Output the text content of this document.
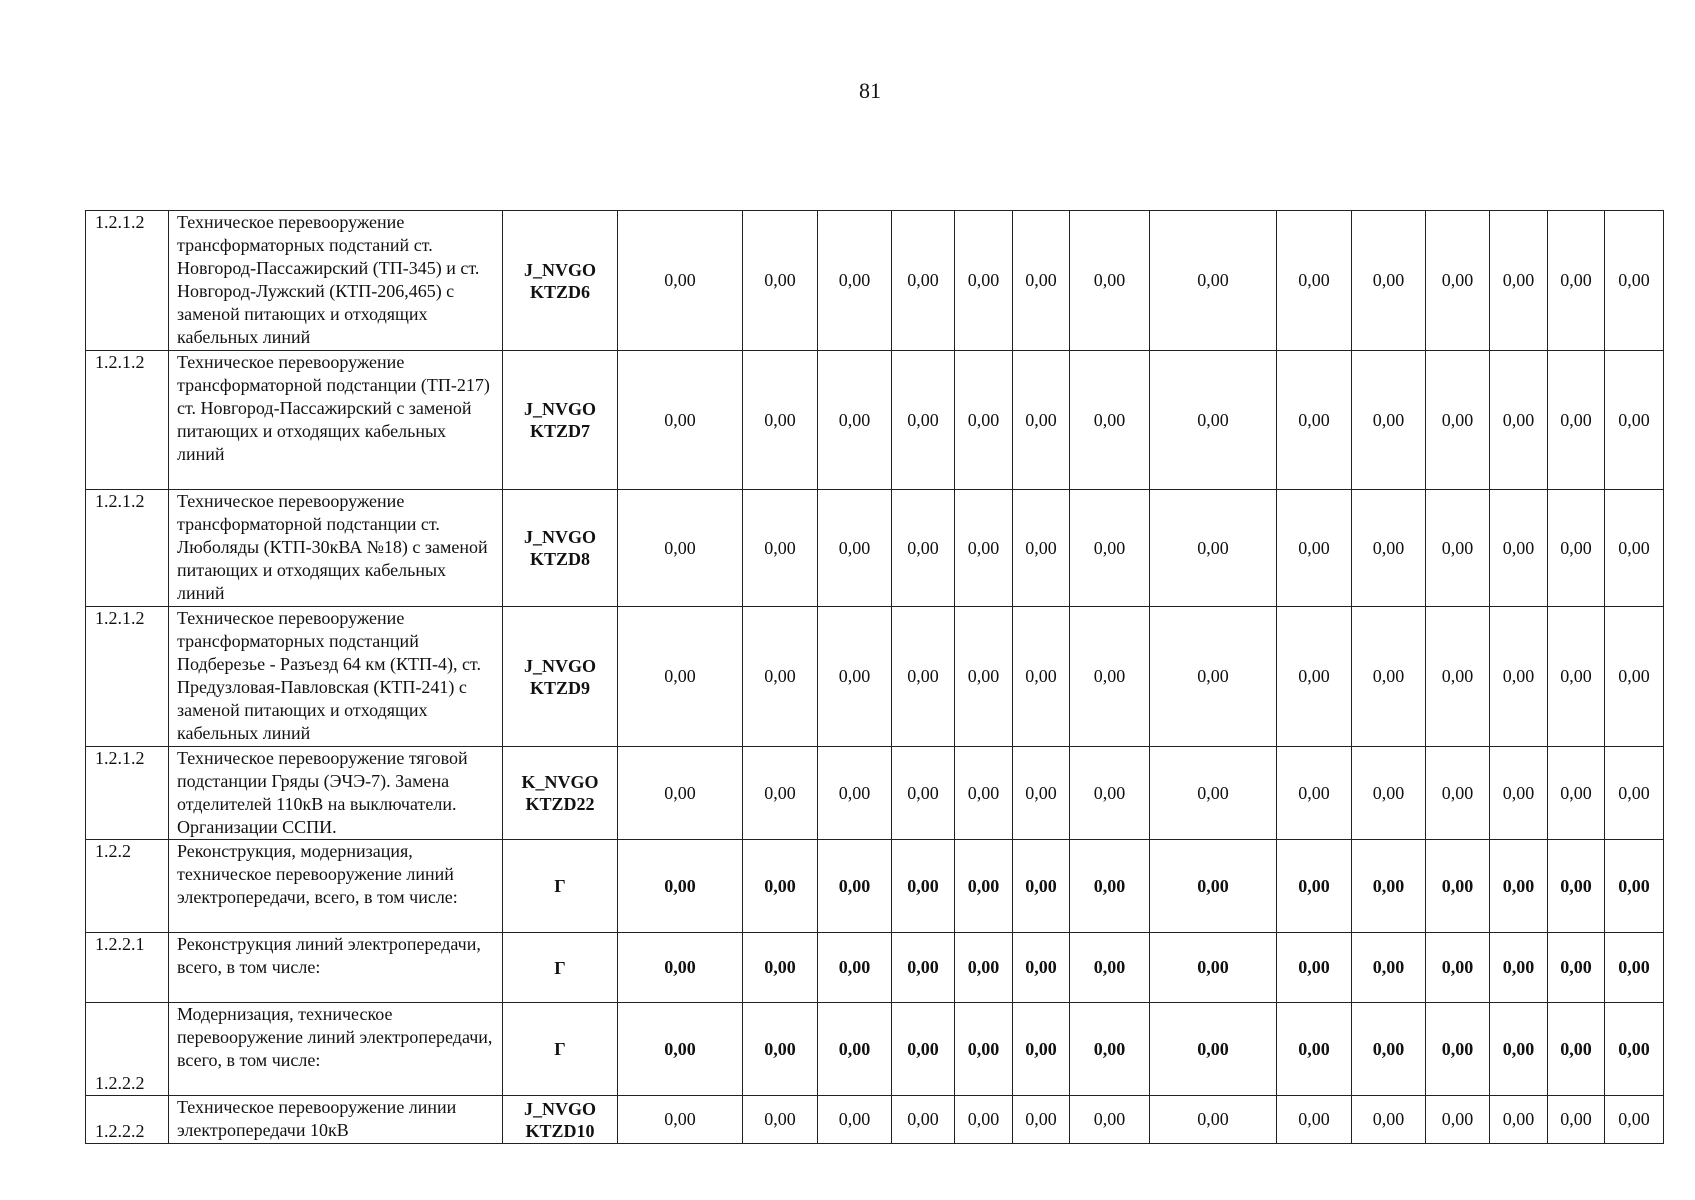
81
1.2.1.2	Техническое перевооружение трансформаторных подстаний ст. Новгород-Пассажирский (ТП-345) и ст. Новгород-Лужский (КТП-206,465) с заменой питающих и отходящих кабельных линий	J_NVGO KTZD6	0,00	0,00	0,00	0,00	0,00	0,00	0,00	0,00	0,00	0,00	0,00	0,00	0,00	0,00
1.2.1.2	Техническое перевооружение трансформаторной подстанции (ТП-217) ст. Новгород-Пассажирский с заменой питающих и отходящих кабельных линий	J_NVGO KTZD7	0,00	0,00	0,00	0,00	0,00	0,00	0,00	0,00	0,00	0,00	0,00	0,00	0,00	0,00
1.2.1.2	Техническое перевооружение трансформаторной подстанции ст. Люболяды (КТП-30кВА №18) с заменой питающих и отходящих кабельных линий	J_NVGO KTZD8	0,00	0,00	0,00	0,00	0,00	0,00	0,00	0,00	0,00	0,00	0,00	0,00	0,00	0,00
1.2.1.2	Техническое перевооружение трансформаторных подстанций Подберезье - Разъезд 64 км (КТП-4), ст. Предузловая-Павловская (КТП-241) с заменой питающих и отходящих кабельных линий	J_NVGO KTZD9	0,00	0,00	0,00	0,00	0,00	0,00	0,00	0,00	0,00	0,00	0,00	0,00	0,00	0,00
1.2.1.2	Техническое перевооружение тяговой подстанции Гряды (ЭЧЭ-7). Замена отделителей 110кВ на выключатели. Организации ССПИ.	K_NVGO KTZD22	0,00	0,00	0,00	0,00	0,00	0,00	0,00	0,00	0,00	0,00	0,00	0,00	0,00	0,00
1.2.2	Реконструкция, модернизация, техническое перевооружение линий электропередачи, всего, в том числе:	Г	0,00	0,00	0,00	0,00	0,00	0,00	0,00	0,00	0,00	0,00	0,00	0,00	0,00	0,00
1.2.2.1	Реконструкция линий электропередачи, всего, в том числе:	Г	0,00	0,00	0,00	0,00	0,00	0,00	0,00	0,00	0,00	0,00	0,00	0,00	0,00	0,00
1.2.2.2	Модернизация, техническое перевооружение линий электропередачи, всего, в том числе:	Г	0,00	0,00	0,00	0,00	0,00	0,00	0,00	0,00	0,00	0,00	0,00	0,00	0,00	0,00
1.2.2.2	Техническое перевооружение линии электропередачи 10кВ	J_NVGO KTZD10	0,00	0,00	0,00	0,00	0,00	0,00	0,00	0,00	0,00	0,00	0,00	0,00	0,00	0,00
